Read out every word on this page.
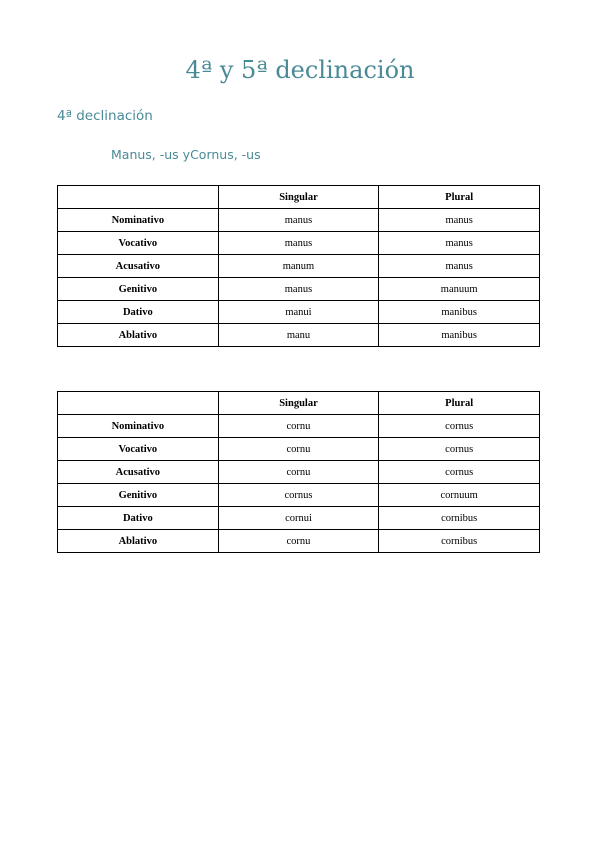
4ª y 5ª declinación
4ª declinación
Manus, -us yCornus, -us
	Singular	Plural
Nominativo	manus	manus
Vocativo	manus	manus
Acusativo	manum	manus
Genitivo	manus	manuum
Dativo	manui	manibus
Ablativo	manu	manibus
	Singular	Plural
Nominativo	cornu	cornus
Vocativo	cornu	cornus
Acusativo	cornu	cornus
Genitivo	cornus	cornuum
Dativo	cornui	cornibus
Ablativo	cornu	cornibus
